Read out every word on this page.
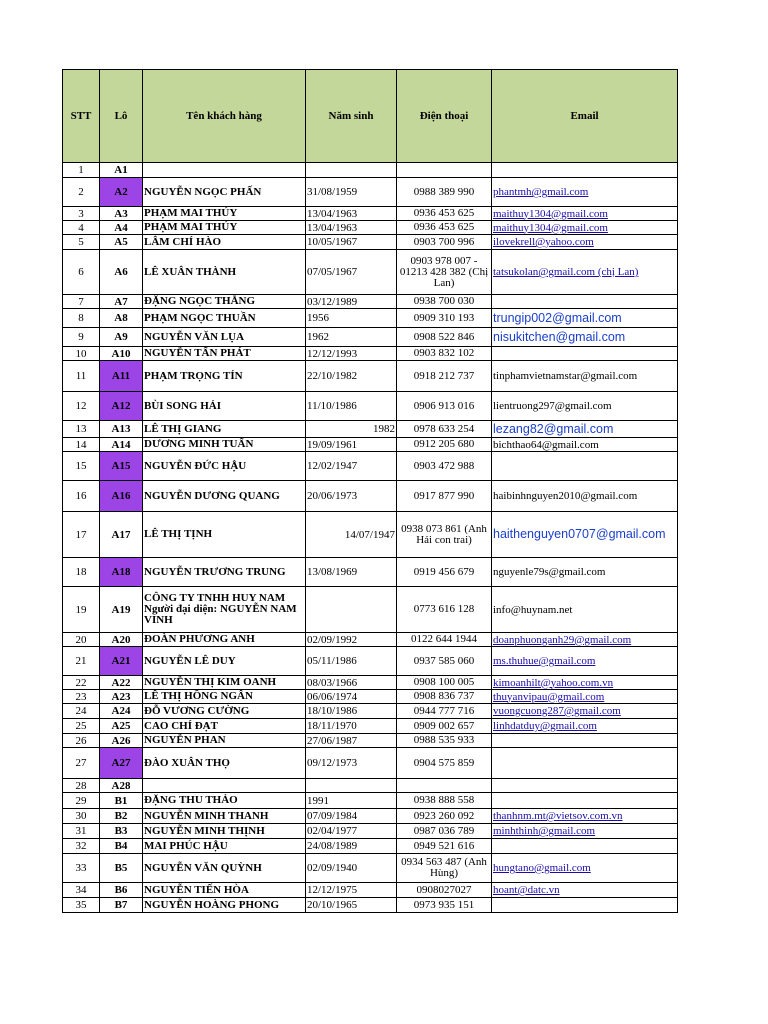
STT	Lô	Tên khách hàng	Năm sinh	Điện thoại	Email
1	A1				
2	A2	NGUYỄN NGỌC PHẤN	31/08/1959	0988 389 990	phantmh@gmail.com
3	A3	PHẠM MAI THÚY	13/04/1963	0936 453 625	maithuy1304@gmail.com
4	A4	PHẠM MAI THÚY	13/04/1963	0936 453 625	maithuy1304@gmail.com
5	A5	LÂM CHÍ HÀO	10/05/1967	0903 700 996	ilovekrell@yahoo.com
6	A6	LÊ XUÂN THÀNH	07/05/1967	0903 978 007 - 01213 428 382 (Chị Lan)	tatsukolan@gmail.com (chị Lan)
7	A7	ĐẶNG NGỌC THẮNG	03/12/1989	0938 700 030	
8	A8	PHẠM NGỌC THUẦN	1956	0909 310 193	trungip002@gmail.com
9	A9	NGUYỄN VĂN LỤA	1962	0908 522 846	nisukitchen@gmail.com
10	A10	NGUYỄN TẤN PHÁT	12/12/1993	0903 832 102	
11	A11	PHẠM TRỌNG TÍN	22/10/1982	0918 212 737	tinphamvietnamstar@gmail.com
12	A12	BÙI SONG HẢI	11/10/1986	0906 913 016	lientruong297@gmail.com
13	A13	LÊ THỊ GIANG	1982	0978 633 254	lezang82@gmail.com
14	A14	DƯƠNG MINH TUẤN	19/09/1961	0912 205 680	bichthao64@gmail.com
15	A15	NGUYỄN ĐỨC HẬU	12/02/1947	0903 472 988	
16	A16	NGUYỄN DƯƠNG QUANG	20/06/1973	0917 877 990	haibinhnguyen2010@gmail.com
17	A17	LÊ THỊ TỊNH	14/07/1947	0938 073 861 (Anh Hải con trai)	haithenguyen0707@gmail.com
18	A18	NGUYỄN TRƯƠNG TRUNG	13/08/1969	0919 456 679	nguyenle79s@gmail.com
19	A19	CÔNG TY TNHH HUY NAM Người đại diện: NGUYỄN NAM VINH		0773 616 128	info@huynam.net
20	A20	ĐOÀN PHƯƠNG ANH	02/09/1992	0122 644 1944	doanphuonganh29@gmail.com
21	A21	NGUYỄN LÊ DUY	05/11/1986	0937 585 060	ms.thuhue@gmail.com
22	A22	NGUYỄN THỊ KIM OANH	08/03/1966	0908 100 005	kimoanhilt@yahoo.com.vn
23	A23	LÊ THỊ HỒNG NGÂN	06/06/1974	0908 836 737	thuyanvipau@gmail.com
24	A24	ĐỖ VƯƠNG CƯỜNG	18/10/1986	0944 777 716	vuongcuong287@gmail.com
25	A25	CAO CHÍ ĐẠT	18/11/1970	0909 002 657	linhdatduy@gmail.com
26	A26	NGUYỄN PHAN	27/06/1987	0988 535 933	
27	A27	ĐÀO XUÂN THỌ	09/12/1973	0904 575 859	
28	A28				
29	B1	ĐẶNG THU THẢO	1991	0938 888 558	
30	B2	NGUYỄN MINH THANH	07/09/1984	0923 260 092	thanhnm.mt@vietsov.com.vn
31	B3	NGUYỄN MINH THỊNH	02/04/1977	0987 036 789	minhthinh@gmail.com
32	B4	MAI PHÚC HẬU	24/08/1989	0949 521 616	
33	B5	NGUYỄN VĂN QUỲNH	02/09/1940	0934 563 487 (Anh Hùng)	hungtano@gmail.com
34	B6	NGUYỄN TIẾN HÒA	12/12/1975	0908027027	hoant@datc.vn
35	B7	NGUYỄN HOÀNG PHONG	20/10/1965	0973 935 151	
